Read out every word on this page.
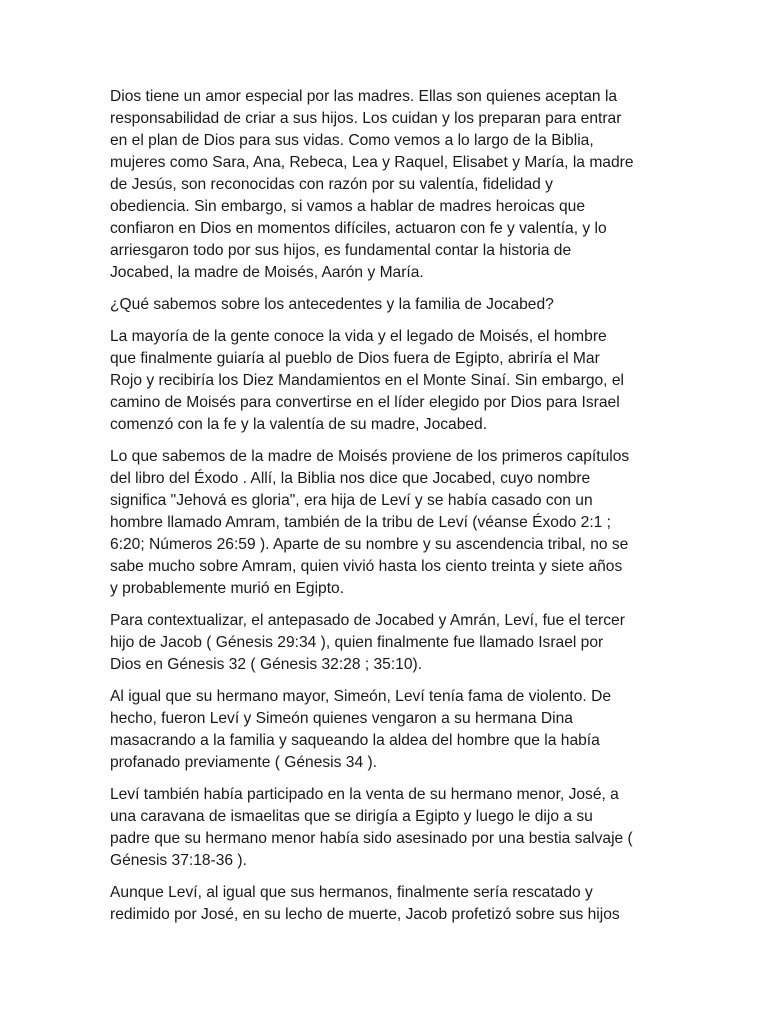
Dios tiene un amor especial por las madres. Ellas son quienes aceptan la
responsabilidad de criar a sus hijos. Los cuidan y los preparan para entrar
en el plan de Dios para sus vidas. Como vemos a lo largo de la Biblia,
mujeres como Sara, Ana, Rebeca, Lea y Raquel, Elisabet y María, la madre
de Jesús, son reconocidas con razón por su valentía, fidelidad y
obediencia. Sin embargo, si vamos a hablar de madres heroicas que
confiaron en Dios en momentos difíciles, actuaron con fe y valentía, y lo
arriesgaron todo por sus hijos, es fundamental contar la historia de
Jocabed, la madre de Moisés, Aarón y María.

¿Qué sabemos sobre los antecedentes y la familia de Jocabed?

La mayoría de la gente conoce la vida y el legado de Moisés, el hombre
que finalmente guiaría al pueblo de Dios fuera de Egipto, abriría el Mar
Rojo y recibiría los Diez Mandamientos en el Monte Sinaí. Sin embargo, el
camino de Moisés para convertirse en el líder elegido por Dios para Israel
comenzó con la fe y la valentía de su madre, Jocabed.

Lo que sabemos de la madre de Moisés proviene de los primeros capítulos
del libro del Éxodo . Allí, la Biblia nos dice que Jocabed, cuyo nombre
significa "Jehová es gloria", era hija de Leví y se había casado con un
hombre llamado Amram, también de la tribu de Leví (véanse Éxodo 2:1 ;
6:20; Números 26:59 ). Aparte de su nombre y su ascendencia tribal, no se
sabe mucho sobre Amram, quien vivió hasta los ciento treinta y siete años
y probablemente murió en Egipto.

Para contextualizar, el antepasado de Jocabed y Amrán, Leví, fue el tercer
hijo de Jacob ( Génesis 29:34 ), quien finalmente fue llamado Israel por
Dios en Génesis 32 ( Génesis 32:28 ; 35:10).

Al igual que su hermano mayor, Simeón, Leví tenía fama de violento. De
hecho, fueron Leví y Simeón quienes vengaron a su hermana Dina
masacrando a la familia y saqueando la aldea del hombre que la había
profanado previamente ( Génesis 34 ).

Leví también había participado en la venta de su hermano menor, José, a
una caravana de ismaelitas que se dirigía a Egipto y luego le dijo a su
padre que su hermano menor había sido asesinado por una bestia salvaje (
Génesis 37:18-36 ).

Aunque Leví, al igual que sus hermanos, finalmente sería rescatado y
redimido por José, en su lecho de muerte, Jacob profetizó sobre sus hijos
